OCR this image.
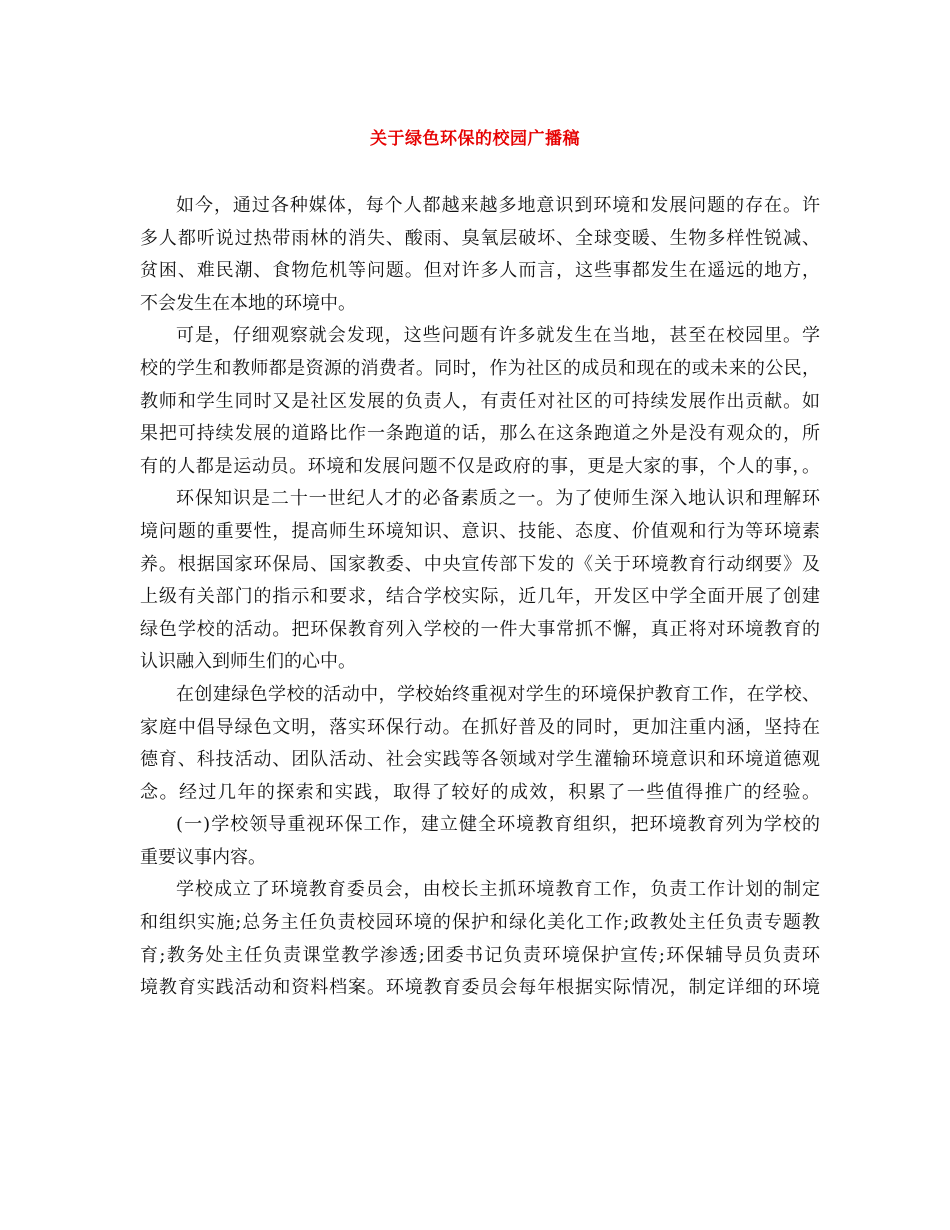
关于绿色环保的校园广播稿
如今，通过各种媒体，每个人都越来越多地意识到环境和发展问题的存在。许
多人都听说过热带雨林的消失、酸雨、臭氧层破坏、全球变暖、生物多样性锐减、
贫困、难民潮、食物危机等问题。但对许多人而言，这些事都发生在遥远的地方，
不会发生在本地的环境中。
可是，仔细观察就会发现，这些问题有许多就发生在当地，甚至在校园里。学
校的学生和教师都是资源的消费者。同时，作为社区的成员和现在的或未来的公民，
教师和学生同时又是社区发展的负责人，有责任对社区的可持续发展作出贡献。如
果把可持续发展的道路比作一条跑道的话，那么在这条跑道之外是没有观众的，所
有的人都是运动员。环境和发展问题不仅是政府的事，更是大家的事，个人的事，。
环保知识是二十一世纪人才的必备素质之一。为了使师生深入地认识和理解环
境问题的重要性，提高师生环境知识、意识、技能、态度、价值观和行为等环境素
养。根据国家环保局、国家教委、中央宣传部下发的《关于环境教育行动纲要》及
上级有关部门的指示和要求，结合学校实际，近几年，开发区中学全面开展了创建
绿色学校的活动。把环保教育列入学校的一件大事常抓不懈，真正将对环境教育的
认识融入到师生们的心中。
在创建绿色学校的活动中，学校始终重视对学生的环境保护教育工作，在学校、
家庭中倡导绿色文明，落实环保行动。在抓好普及的同时，更加注重内涵，坚持在
德育、科技活动、团队活动、社会实践等各领域对学生灌输环境意识和环境道德观
念。经过几年的探索和实践，取得了较好的成效，积累了一些值得推广的经验。
(一)学校领导重视环保工作，建立健全环境教育组织，把环境教育列为学校的
重要议事内容。
学校成立了环境教育委员会，由校长主抓环境教育工作，负责工作计划的制定
和组织实施;总务主任负责校园环境的保护和绿化美化工作;政教处主任负责专题教
育;教务处主任负责课堂教学渗透;团委书记负责环境保护宣传;环保辅导员负责环
境教育实践活动和资料档案。环境教育委员会每年根据实际情况，制定详细的环境
